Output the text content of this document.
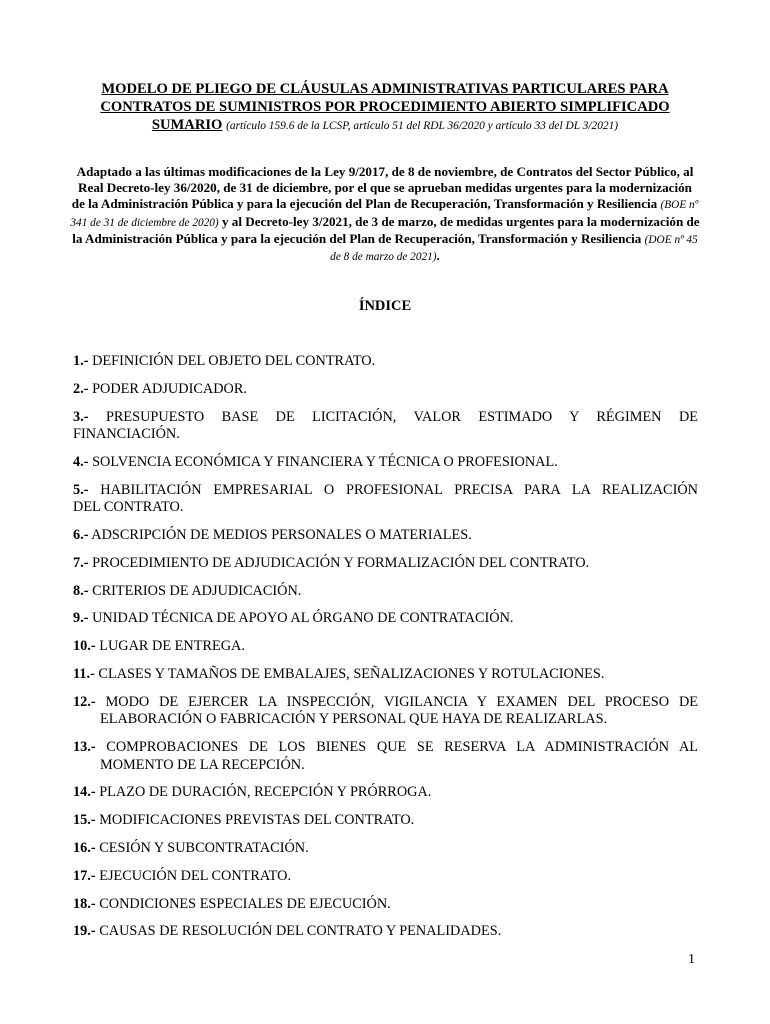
MODELO DE PLIEGO DE CLÁUSULAS ADMINISTRATIVAS PARTICULARES PARA
CONTRATOS DE SUMINISTROS POR PROCEDIMIENTO ABIERTO SIMPLIFICADO
SUMARIO (artículo 159.6 de la LCSP, artículo 51 del RDL 36/2020 y artículo 33 del DL 3/2021)
Adaptado a las últimas modificaciones de la Ley 9/2017, de 8 de noviembre, de Contratos del Sector Público, al Real Decreto-ley 36/2020, de 31 de diciembre, por el que se aprueban medidas urgentes para la modernización de la Administración Pública y para la ejecución del Plan de Recuperación, Transformación y Resiliencia (BOE nº 341 de 31 de diciembre de 2020) y al Decreto-ley 3/2021, de 3 de marzo, de medidas urgentes para la modernización de la Administración Pública y para la ejecución del Plan de Recuperación, Transformación y Resiliencia (DOE nº 45 de 8 de marzo de 2021).
ÍNDICE
1.- DEFINICIÓN DEL OBJETO DEL CONTRATO.
2.- PODER ADJUDICADOR.
3.- PRESUPUESTO BASE DE LICITACIÓN, VALOR ESTIMADO Y RÉGIMEN DE
FINANCIACIÓN.
4.- SOLVENCIA ECONÓMICA Y FINANCIERA Y TÉCNICA O PROFESIONAL.
5.- HABILITACIÓN EMPRESARIAL O PROFESIONAL PRECISA PARA LA REALIZACIÓN
DEL CONTRATO.
6.- ADSCRIPCIÓN DE MEDIOS PERSONALES O MATERIALES.
7.- PROCEDIMIENTO DE ADJUDICACIÓN Y FORMALIZACIÓN DEL CONTRATO.
8.- CRITERIOS DE ADJUDICACIÓN.
9.- UNIDAD TÉCNICA DE APOYO AL ÓRGANO DE CONTRATACIÓN.
10.- LUGAR DE ENTREGA.
11.- CLASES Y TAMAÑOS DE EMBALAJES, SEÑALIZACIONES Y ROTULACIONES.
12.- MODO DE EJERCER LA INSPECCIÓN, VIGILANCIA Y EXAMEN DEL PROCESO DE
ELABORACIÓN O FABRICACIÓN Y PERSONAL QUE HAYA DE REALIZARLAS.
13.- COMPROBACIONES DE LOS BIENES QUE SE RESERVA LA ADMINISTRACIÓN AL
MOMENTO DE LA RECEPCIÓN.
14.- PLAZO DE DURACIÓN, RECEPCIÓN Y PRÓRROGA.
15.- MODIFICACIONES PREVISTAS DEL CONTRATO.
16.- CESIÓN Y SUBCONTRATACIÓN.
17.- EJECUCIÓN DEL CONTRATO.
18.- CONDICIONES ESPECIALES DE EJECUCIÓN.
19.- CAUSAS DE RESOLUCIÓN DEL CONTRATO Y PENALIDADES.
1
